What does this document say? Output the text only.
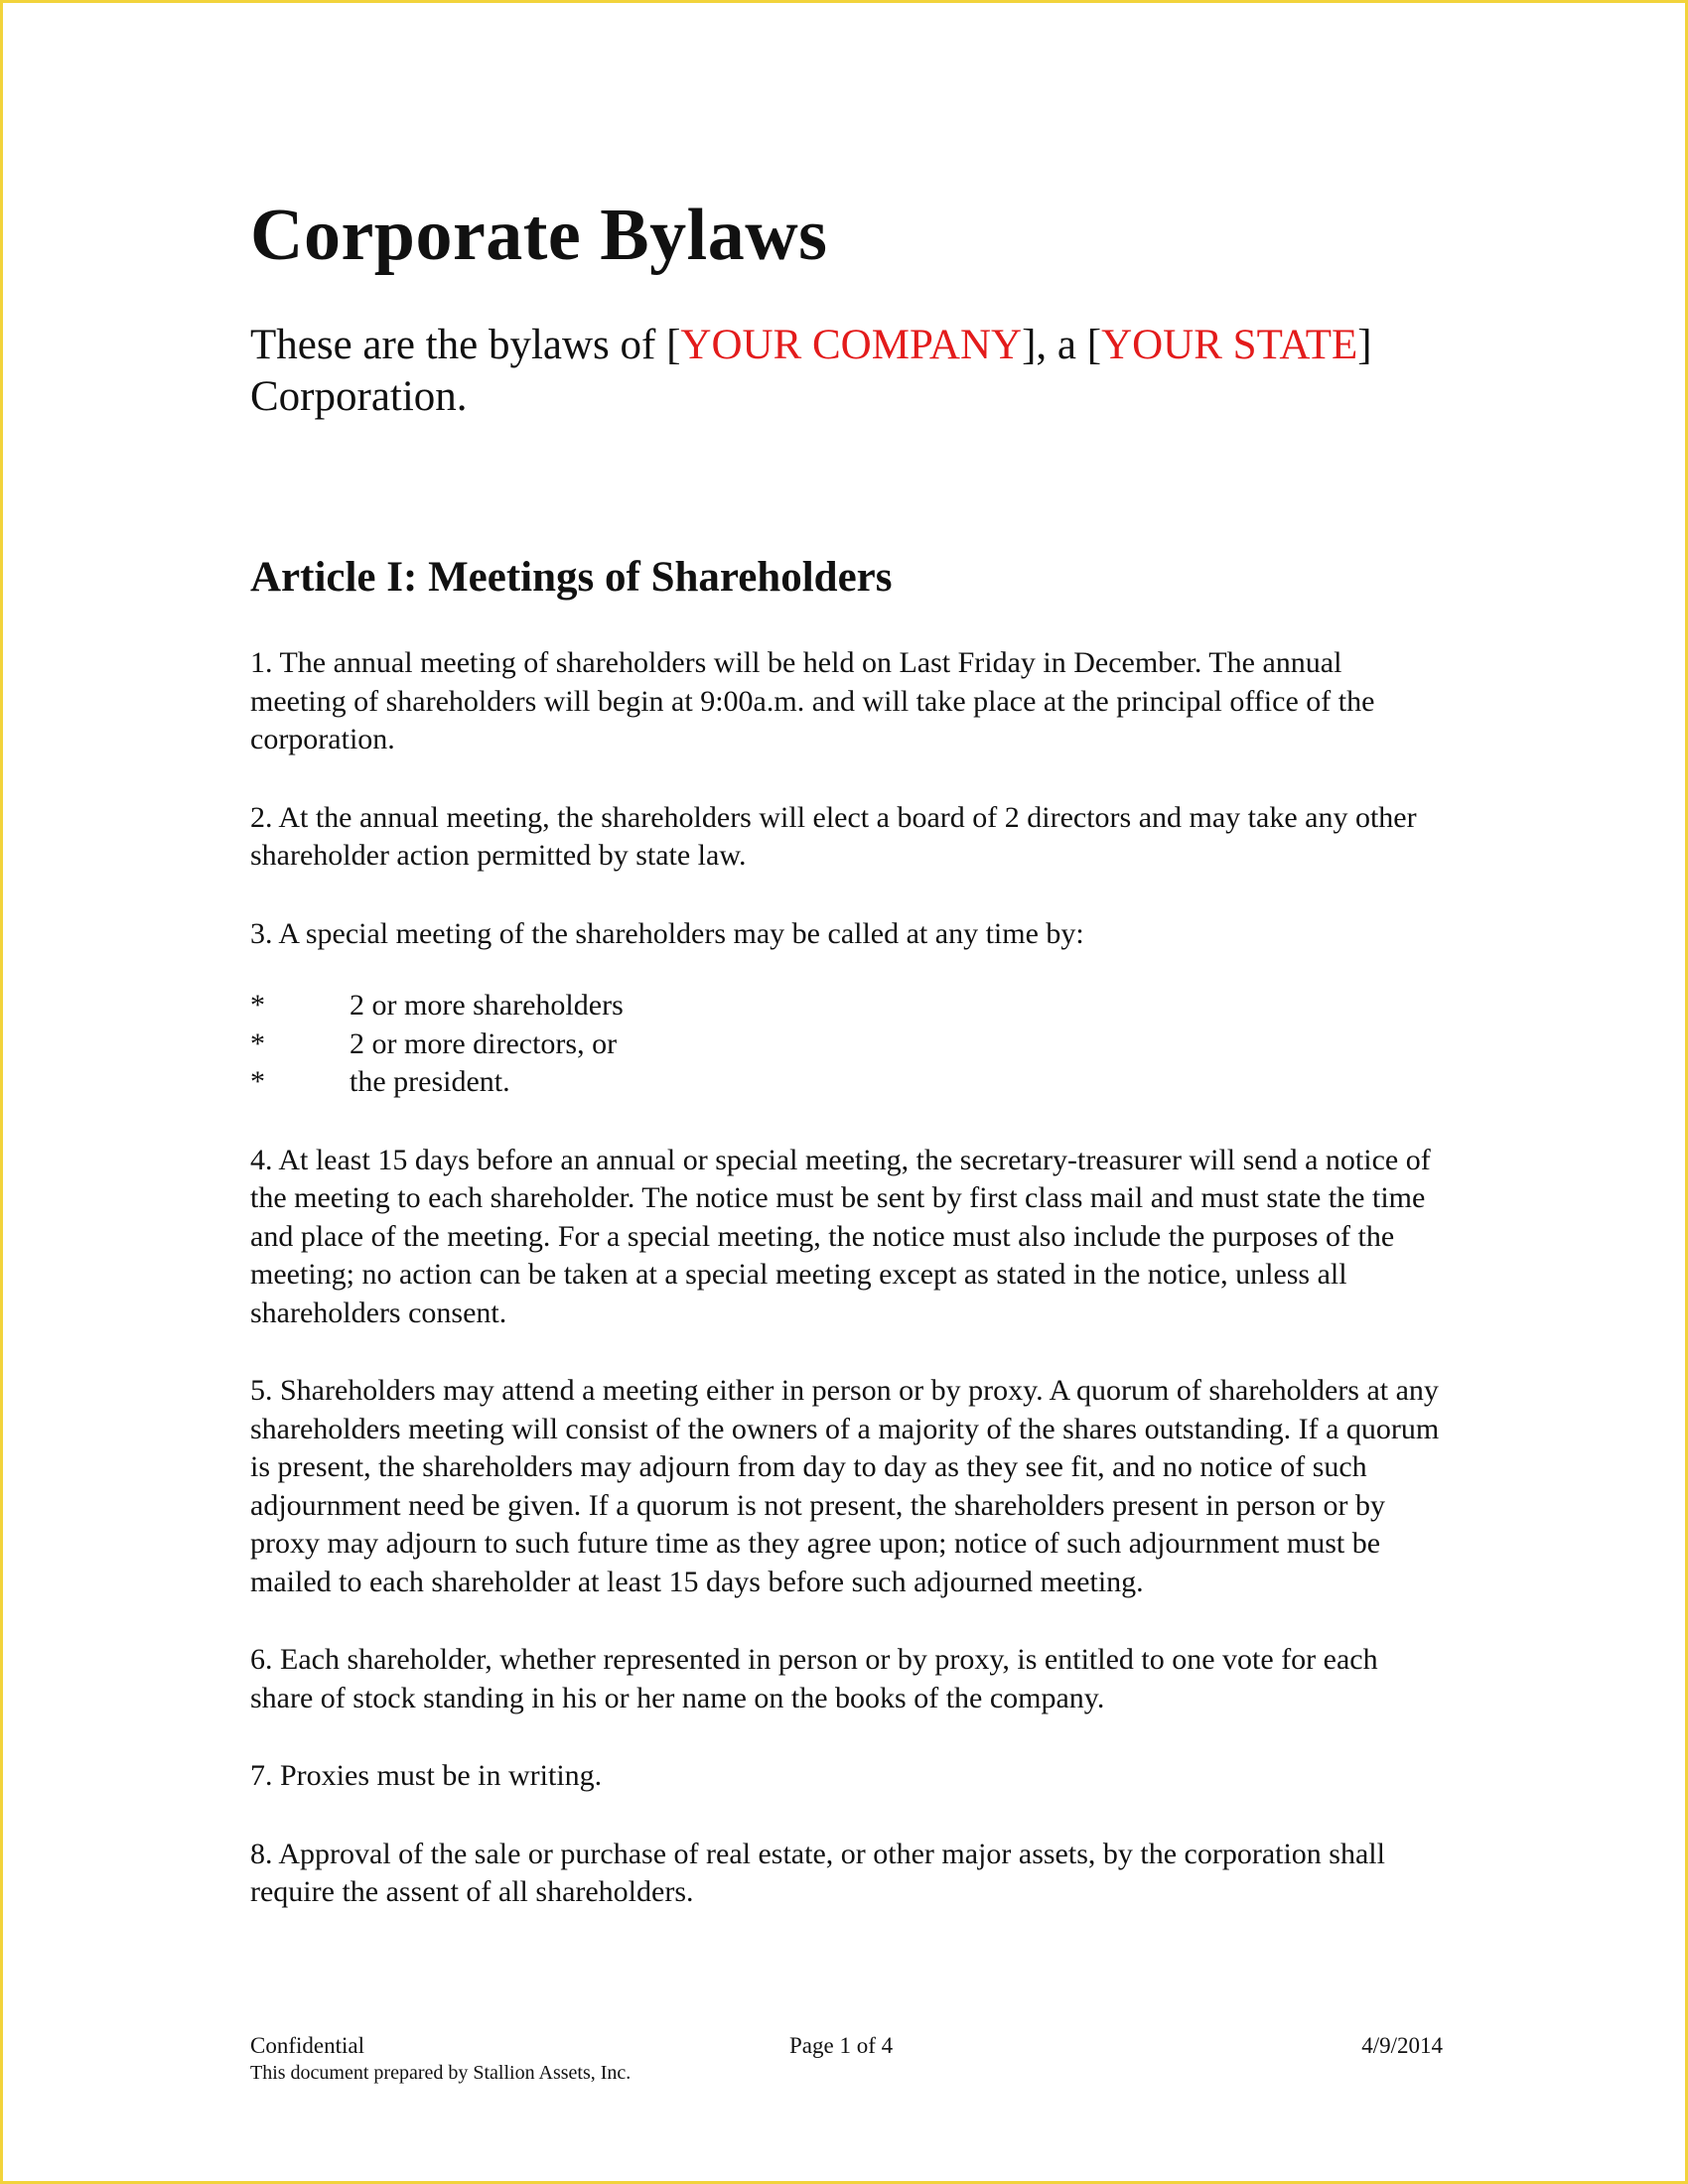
Corporate Bylaws

These are the bylaws of [YOUR COMPANY], a [YOUR STATE] Corporation.

Article I: Meetings of Shareholders

1. The annual meeting of shareholders will be held on Last Friday in December. The annual meeting of shareholders will begin at 9:00a.m. and will take place at the principal office of the corporation.

2. At the annual meeting, the shareholders will elect a board of 2 directors and may take any other shareholder action permitted by state law.

3. A special meeting of the shareholders may be called at any time by:

*	2 or more shareholders
*	2 or more directors, or
*	the president.

4. At least 15 days before an annual or special meeting, the secretary-treasurer will send a notice of the meeting to each shareholder. The notice must be sent by first class mail and must state the time and place of the meeting. For a special meeting, the notice must also include the purposes of the meeting; no action can be taken at a special meeting except as stated in the notice, unless all shareholders consent.

5. Shareholders may attend a meeting either in person or by proxy. A quorum of shareholders at any shareholders meeting will consist of the owners of a majority of the shares outstanding. If a quorum is present, the shareholders may adjourn from day to day as they see fit, and no notice of such adjournment need be given. If a quorum is not present, the shareholders present in person or by proxy may adjourn to such future time as they agree upon; notice of such adjournment must be mailed to each shareholder at least 15 days before such adjourned meeting.

6. Each shareholder, whether represented in person or by proxy, is entitled to one vote for each share of stock standing in his or her name on the books of the company.

7. Proxies must be in writing.

8. Approval of the sale or purchase of real estate, or other major assets, by the corporation shall require the assent of all shareholders.

Confidential	Page 1 of 4	4/9/2014
This document prepared by Stallion Assets, Inc.
